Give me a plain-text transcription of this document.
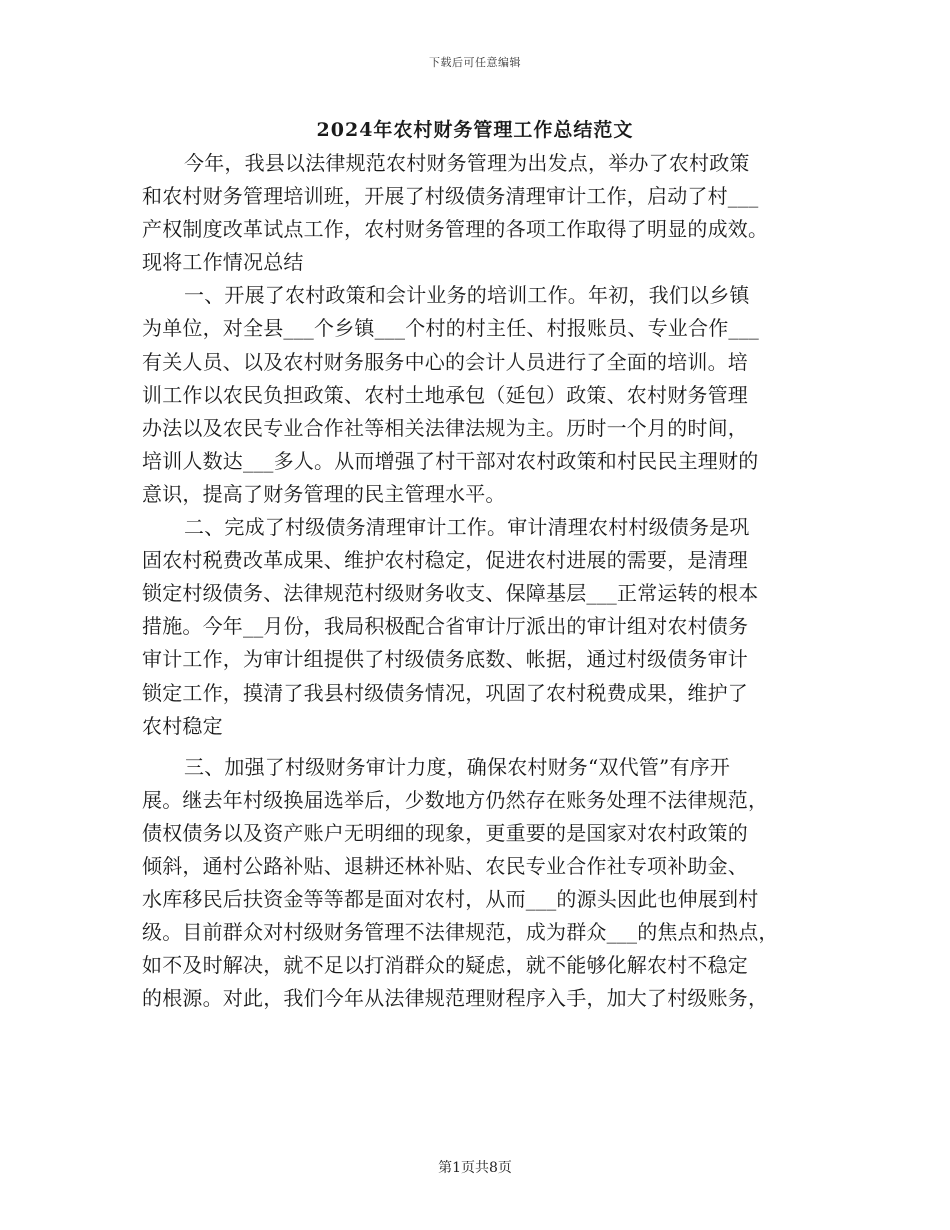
下载后可任意编辑
2024年农村财务管理工作总结范文
今年，我县以法律规范农村财务管理为出发点，举办了农村政策
和农村财务管理培训班，开展了村级债务清理审计工作，启动了村___
产权制度改革试点工作，农村财务管理的各项工作取得了明显的成效。
现将工作情况总结
一、开展了农村政策和会计业务的培训工作。年初，我们以乡镇
为单位，对全县___个乡镇___个村的村主任、村报账员、专业合作___
有关人员、以及农村财务服务中心的会计人员进行了全面的培训。培
训工作以农民负担政策、农村土地承包（延包）政策、农村财务管理
办法以及农民专业合作社等相关法律法规为主。历时一个月的时间，
培训人数达___多人。从而增强了村干部对农村政策和村民民主理财的
意识，提高了财务管理的民主管理水平。
二、完成了村级债务清理审计工作。审计清理农村村级债务是巩
固农村税费改革成果、维护农村稳定，促进农村进展的需要，是清理
锁定村级债务、法律规范村级财务收支、保障基层___正常运转的根本
措施。今年__月份，我局积极配合省审计厅派出的审计组对农村债务
审计工作，为审计组提供了村级债务底数、帐据，通过村级债务审计
锁定工作，摸清了我县村级债务情况，巩固了农村税费成果，维护了
农村稳定
三、加强了村级财务审计力度，确保农村财务“双代管”有序开
展。继去年村级换届选举后，少数地方仍然存在账务处理不法律规范，
债权债务以及资产账户无明细的现象，更重要的是国家对农村政策的
倾斜，通村公路补贴、退耕还林补贴、农民专业合作社专项补助金、
水库移民后扶资金等等都是面对农村，从而___的源头因此也伸展到村
级。目前群众对村级财务管理不法律规范，成为群众___的焦点和热点，
如不及时解决，就不足以打消群众的疑虑，就不能够化解农村不稳定
的根源。对此，我们今年从法律规范理财程序入手，加大了村级账务，
第1页共8页
